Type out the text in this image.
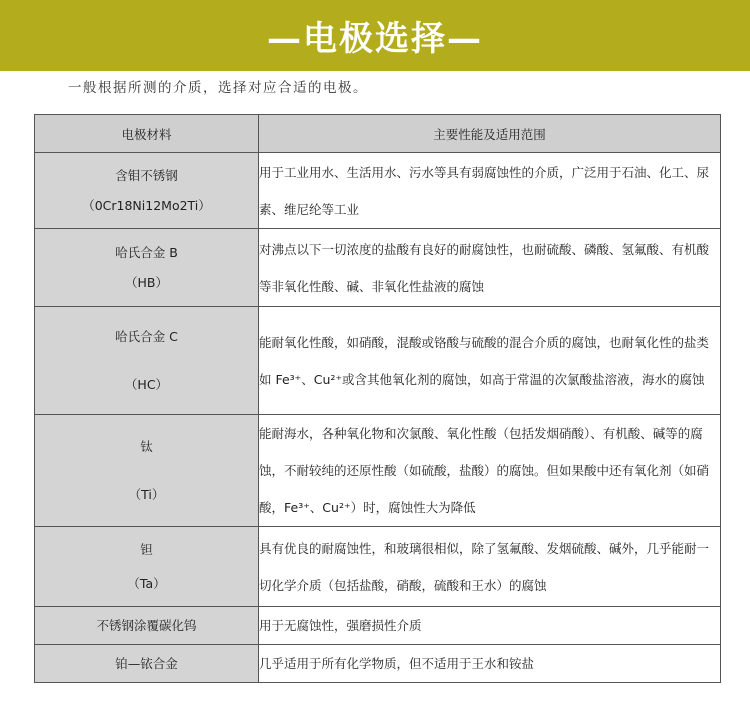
—电极选择—
一般根据所测的介质，选择对应合适的电极。
电极材料	主要性能及适用范围
含钼不锈钢
（0Cr18Ni12Mo2Ti）	用于工业用水、生活用水、污水等具有弱腐蚀性的介质，广泛用于石油、化工、尿素、维尼纶等工业
哈氏合金 B
（HB）	对沸点以下一切浓度的盐酸有良好的耐腐蚀性，也耐硫酸、磷酸、氢氟酸、有机酸等非氧化性酸、碱、非氧化性盐液的腐蚀
哈氏合金 C
（HC）	能耐氧化性酸，如硝酸，混酸或铬酸与硫酸的混合介质的腐蚀，也耐氧化性的盐类如 Fe³⁺、Cu²⁺或含其他氧化剂的腐蚀，如高于常温的次氯酸盐溶液，海水的腐蚀
钛
（Ti）	能耐海水，各种氧化物和次氯酸、氧化性酸（包括发烟硝酸）、有机酸、碱等的腐蚀，不耐较纯的还原性酸（如硫酸，盐酸）的腐蚀。但如果酸中还有氧化剂（如硝酸，Fe³⁺、Cu²⁺）时，腐蚀性大为降低
钽
（Ta）	具有优良的耐腐蚀性，和玻璃很相似，除了氢氟酸、发烟硫酸、碱外，几乎能耐一切化学介质（包括盐酸，硝酸，硫酸和王水）的腐蚀
不锈钢涂覆碳化钨	用于无腐蚀性，强磨损性介质
铂—铱合金	几乎适用于所有化学物质，但不适用于王水和铵盐
